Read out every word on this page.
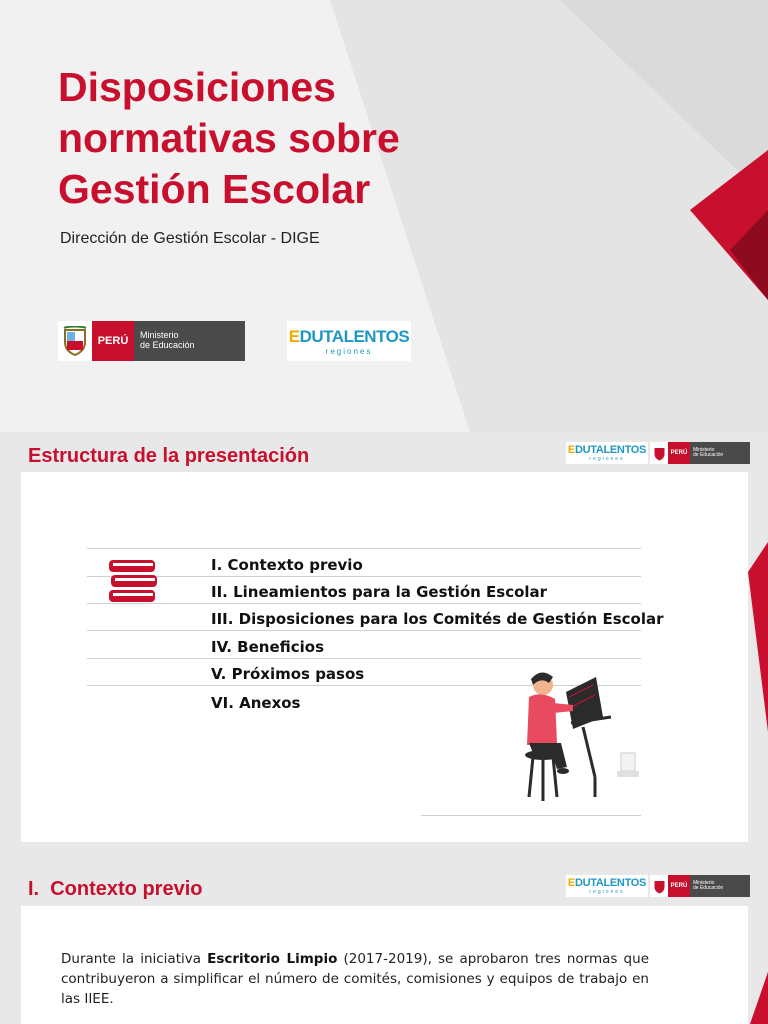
Disposiciones normativas sobre Gestión Escolar
Dirección de Gestión Escolar - DIGE
PERÚ	Ministerio
de Educación	EDUTALENTOS
regiones
Estructura de la presentación	EDUTALENTOS
regiones
PERÚ
Ministerio
de Educación
I. Contexto previo
II. Lineamientos para la Gestión Escolar
III. Disposiciones para los Comités de Gestión Escolar
IV. Beneficios
V. Próximos pasos
VI. Anexos
I.  Contexto previo	EDUTALENTOS
regiones
PERÚ
Ministerio
de Educación

Durante la iniciativa Escritorio Limpio (2017-2019), se aprobaron tres normas que contribuyeron a simplificar el número de comités, comisiones y equipos de trabajo en las IIEE.
